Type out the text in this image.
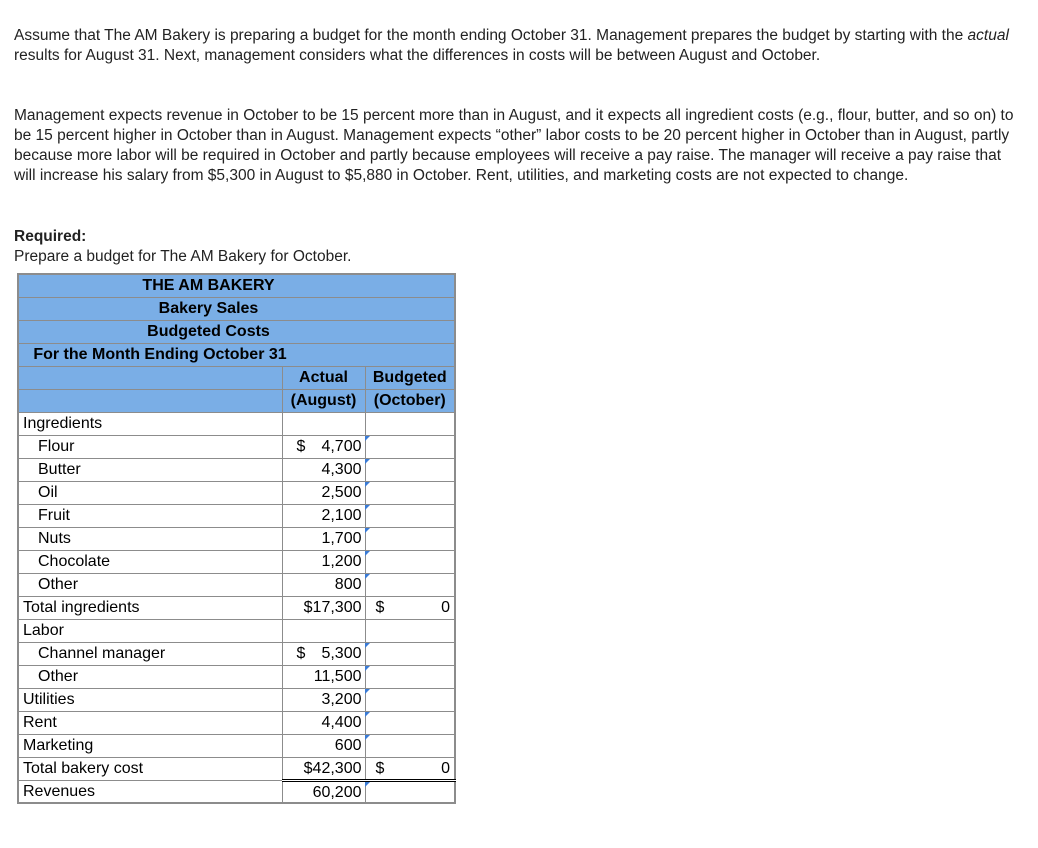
Assume that The AM Bakery is preparing a budget for the month ending October 31. Management prepares the budget by starting with the actual results for August 31. Next, management considers what the differences in costs will be between August and October.

Management expects revenue in October to be 15 percent more than in August, and it expects all ingredient costs (e.g., flour, butter, and so on) to be 15 percent higher in October than in August. Management expects “other” labor costs to be 20 percent higher in October than in August, partly because more labor will be required in October and partly because employees will receive a pay raise. The manager will receive a pay raise that will increase his salary from $5,300 in August to $5,880 in October. Rent, utilities, and marketing costs are not expected to change.

Required:

Prepare a budget for The AM Bakery for October.

THE AM BAKERY		
Bakery Sales		
Budgeted Costs		
For the Month Ending October 31		
	Actual	Budgeted
	(August)	(October)
Ingredients		
Flour	$ 4,700	

Butter	4,300	

Oil	2,500	

Fruit	2,100	

Nuts	1,700	

Chocolate	1,200	

Other	800	

Total ingredients	$17,300	$ 0

Labor		
Channel manager	$ 5,300	

Other	11,500	

Utilities	3,200	

Rent	4,400	

Marketing	600	

Total bakery cost	$42,300	$ 0

Revenues	60,200	
